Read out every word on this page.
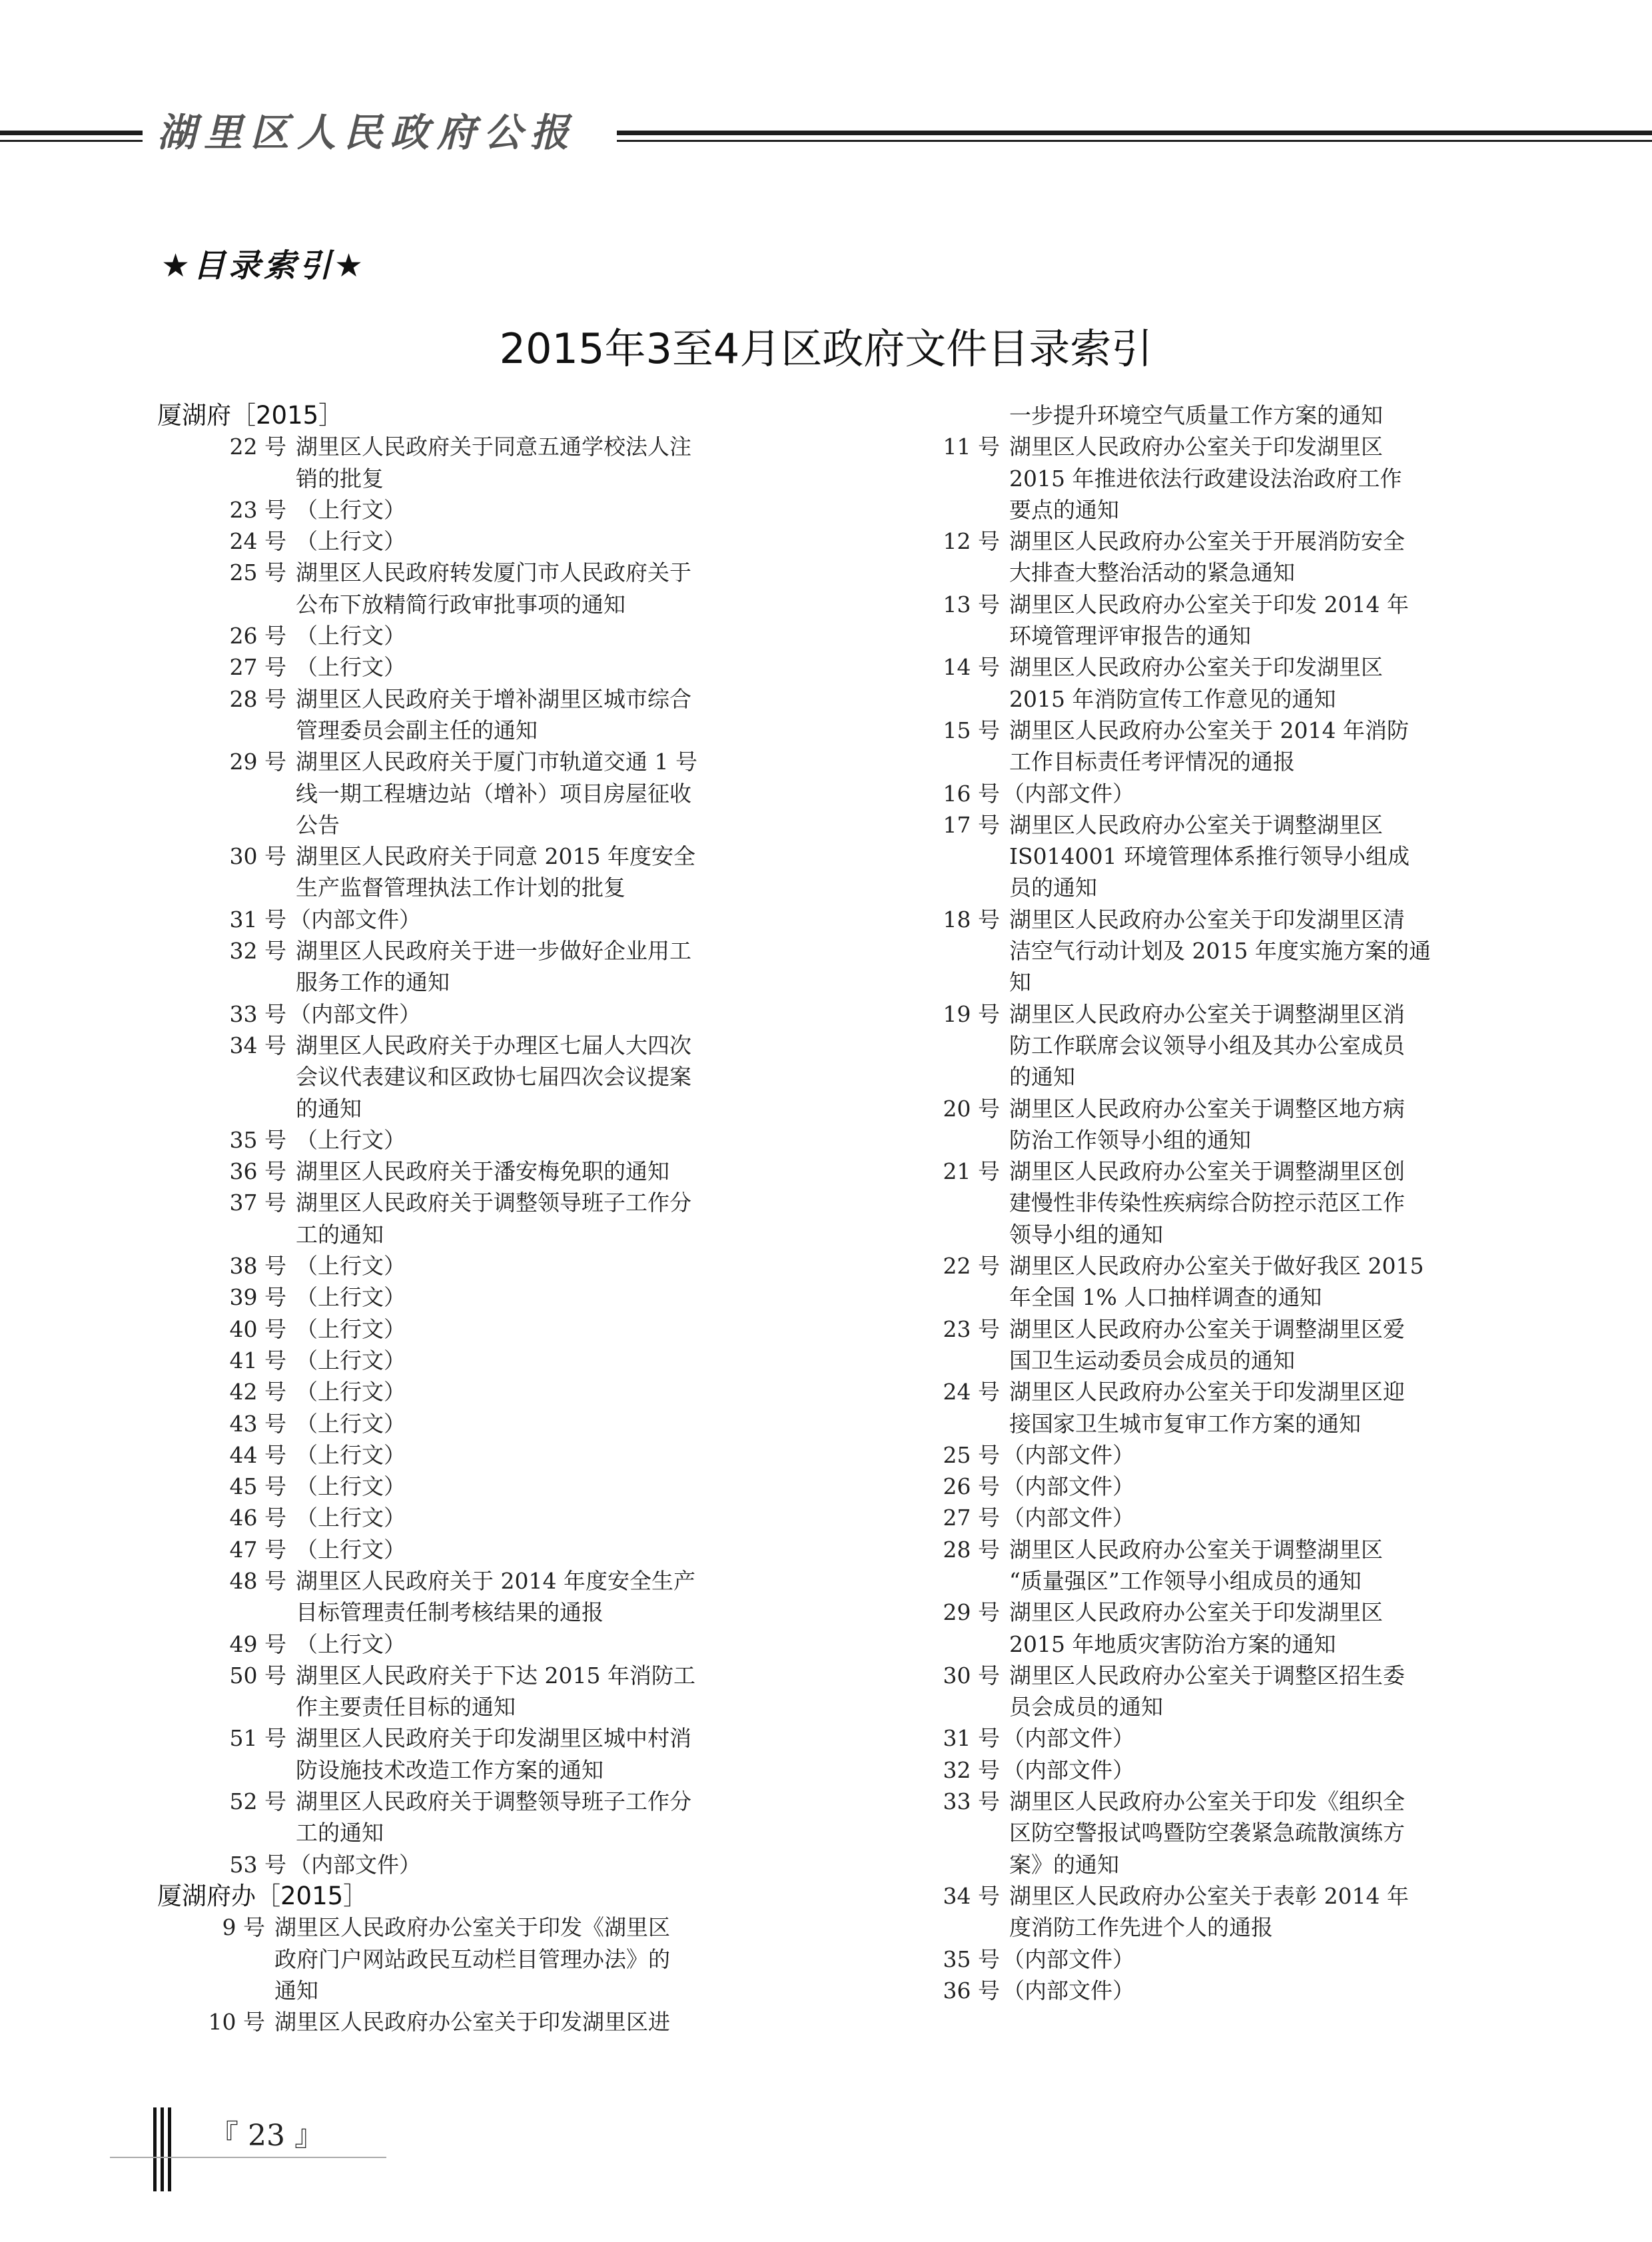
湖里区人民政府公报
★目录索引★
2015年3至4月区政府文件目录索引
厦湖府［2015］
22 号 湖里区人民政府关于同意五通学校法人注
销的批复
23 号 （上行文）
24 号 （上行文）
25 号 湖里区人民政府转发厦门市人民政府关于
公布下放精简行政审批事项的通知
26 号 （上行文）
27 号 （上行文）
28 号 湖里区人民政府关于增补湖里区城市综合
管理委员会副主任的通知
29 号 湖里区人民政府关于厦门市轨道交通 1 号
线一期工程塘边站（增补）项目房屋征收
公告
30 号 湖里区人民政府关于同意 2015 年度安全
生产监督管理执法工作计划的批复
31 号 （内部文件）
32 号 湖里区人民政府关于进一步做好企业用工
服务工作的通知
33 号 （内部文件）
34 号 湖里区人民政府关于办理区七届人大四次
会议代表建议和区政协七届四次会议提案
的通知
35 号 （上行文）
36 号 湖里区人民政府关于潘安梅免职的通知
37 号 湖里区人民政府关于调整领导班子工作分
工的通知
38 号 （上行文）
39 号 （上行文）
40 号 （上行文）
41 号 （上行文）
42 号 （上行文）
43 号 （上行文）
44 号 （上行文）
45 号 （上行文）
46 号 （上行文）
47 号 （上行文）
48 号 湖里区人民政府关于 2014 年度安全生产
目标管理责任制考核结果的通报
49 号 （上行文）
50 号 湖里区人民政府关于下达 2015 年消防工
作主要责任目标的通知
51 号 湖里区人民政府关于印发湖里区城中村消
防设施技术改造工作方案的通知
52 号 湖里区人民政府关于调整领导班子工作分
工的通知
53 号 （内部文件）
厦湖府办［2015］
9 号 湖里区人民政府办公室关于印发《湖里区
政府门户网站政民互动栏目管理办法》的
通知
10 号 湖里区人民政府办公室关于印发湖里区进
一步提升环境空气质量工作方案的通知
11 号 湖里区人民政府办公室关于印发湖里区
2015 年推进依法行政建设法治政府工作
要点的通知
12 号 湖里区人民政府办公室关于开展消防安全
大排查大整治活动的紧急通知
13 号 湖里区人民政府办公室关于印发 2014 年
环境管理评审报告的通知
14 号 湖里区人民政府办公室关于印发湖里区
2015 年消防宣传工作意见的通知
15 号 湖里区人民政府办公室关于 2014 年消防
工作目标责任考评情况的通报
16 号 （内部文件）
17 号 湖里区人民政府办公室关于调整湖里区
IS014001 环境管理体系推行领导小组成
员的通知
18 号 湖里区人民政府办公室关于印发湖里区清
洁空气行动计划及 2015 年度实施方案的通
知
19 号 湖里区人民政府办公室关于调整湖里区消
防工作联席会议领导小组及其办公室成员
的通知
20 号 湖里区人民政府办公室关于调整区地方病
防治工作领导小组的通知
21 号 湖里区人民政府办公室关于调整湖里区创
建慢性非传染性疾病综合防控示范区工作
领导小组的通知
22 号 湖里区人民政府办公室关于做好我区 2015
年全国 1% 人口抽样调查的通知
23 号 湖里区人民政府办公室关于调整湖里区爱
国卫生运动委员会成员的通知
24 号 湖里区人民政府办公室关于印发湖里区迎
接国家卫生城市复审工作方案的通知
25 号 （内部文件）
26 号 （内部文件）
27 号 （内部文件）
28 号 湖里区人民政府办公室关于调整湖里区
“质量强区”工作领导小组成员的通知
29 号 湖里区人民政府办公室关于印发湖里区
2015 年地质灾害防治方案的通知
30 号 湖里区人民政府办公室关于调整区招生委
员会成员的通知
31 号 （内部文件）
32 号 （内部文件）
33 号 湖里区人民政府办公室关于印发《组织全
区防空警报试鸣暨防空袭紧急疏散演练方
案》的通知
34 号 湖里区人民政府办公室关于表彰 2014 年
度消防工作先进个人的通报
35 号 （内部文件）
36 号 （内部文件）
『 23 』
